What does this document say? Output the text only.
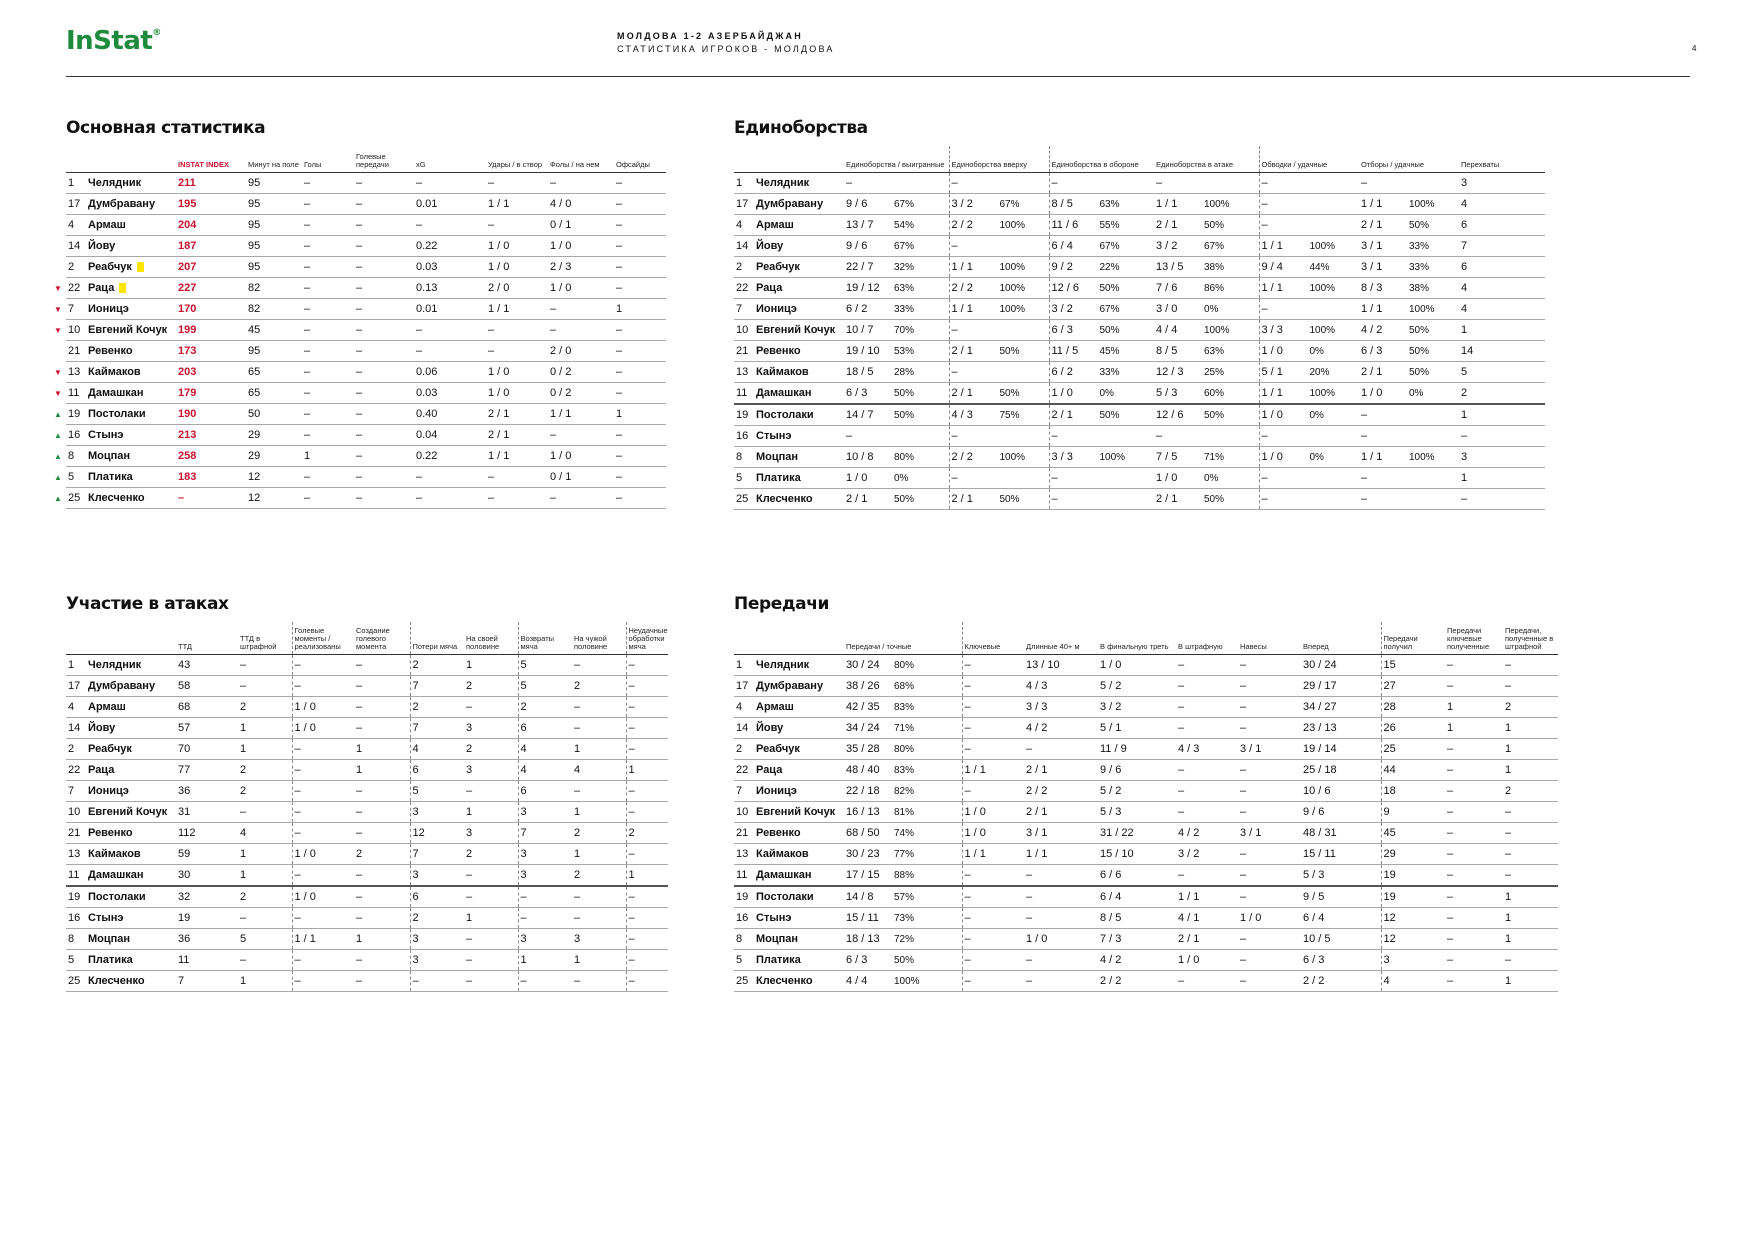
InStat®	МОЛДОВА 1-2 АЗЕРБАЙДЖАН
СТАТИСТИКА ИГРОКОВ - МОЛДОВА	4
Основная статистика
		INSTAT INDEX	Минут на поле	Голы	Голевые передачи	xG	Удары / в створ	Фолы / на нем	Офсайды
1	Челядник	211	95	–	–	–	–	–	–
17	Думбравану	195	95	–	–	0.01	1 / 1	4 / 0	–
4	Армаш	204	95	–	–	–	–	0 / 1	–
14	Йову	187	95	–	–	0.22	1 / 0	1 / 0	–
2	Реабчук	207	95	–	–	0.03	1 / 0	2 / 3	–
▼ 22	Раца	227	82	–	–	0.13	2 / 0	1 / 0	–
▼ 7	Ионицэ	170	82	–	–	0.01	1 / 1	–	1
▼ 10	Евгений Кочук	199	45	–	–	–	–	–	–
21	Ревенко	173	95	–	–	–	–	2 / 0	–
▼ 13	Каймаков	203	65	–	–	0.06	1 / 0	0 / 2	–
▼ 11	Дамашкан	179	65	–	–	0.03	1 / 0	0 / 2	–
▲ 19	Постолаки	190	50	–	–	0.40	2 / 1	1 / 1	1
▲ 16	Стынэ	213	29	–	–	0.04	2 / 1	–	–
▲ 8	Моцпан	258	29	1	–	0.22	1 / 1	1 / 0	–
▲ 5	Платика	183	12	–	–	–	–	0 / 1	–
▲ 25	Клесченко	–	12	–	–	–	–	–	–
Единоборства
		Единоборства / выигранные	Единоборства вверху	Единоборства в обороне	Единоборства в атаке	Обводки / удачные	Отборы / удачные	Перехваты
1	Челядник	–	–	–	–	–	–	3
17	Думбравану	9 / 6 67%	3 / 2 67%	8 / 5 63%	1 / 1 100%	–	1 / 1 100%	4
4	Армаш	13 / 7 54%	2 / 2 100%	11 / 6 55%	2 / 1 50%	–	2 / 1 50%	6
14	Йову	9 / 6 67%	–	6 / 4 67%	3 / 2 67%	1 / 1 100%	3 / 1 33%	7
2	Реабчук	22 / 7 32%	1 / 1 100%	9 / 2 22%	13 / 5 38%	9 / 4 44%	3 / 1 33%	6
22	Раца	19 / 12 63%	2 / 2 100%	12 / 6 50%	7 / 6 86%	1 / 1 100%	8 / 3 38%	4
7	Ионицэ	6 / 2 33%	1 / 1 100%	3 / 2 67%	3 / 0 0%	–	1 / 1 100%	4
10	Евгений Кочук	10 / 7 70%	–	6 / 3 50%	4 / 4 100%	3 / 3 100%	4 / 2 50%	1
21	Ревенко	19 / 10 53%	2 / 1 50%	11 / 5 45%	8 / 5 63%	1 / 0 0%	6 / 3 50%	14
13	Каймаков	18 / 5 28%	–	6 / 2 33%	12 / 3 25%	5 / 1 20%	2 / 1 50%	5
11	Дамашкан	6 / 3 50%	2 / 1 50%	1 / 0 0%	5 / 3 60%	1 / 1 100%	1 / 0 0%	2
19	Постолаки	14 / 7 50%	4 / 3 75%	2 / 1 50%	12 / 6 50%	1 / 0 0%	–	1
16	Стынэ	–	–	–	–	–	–	–
8	Моцпан	10 / 8 80%	2 / 2 100%	3 / 3 100%	7 / 5 71%	1 / 0 0%	1 / 1 100%	3
5	Платика	1 / 0 0%	–	–	1 / 0 0%	–	–	1
25	Клесченко	2 / 1 50%	2 / 1 50%	–	2 / 1 50%	–	–	–
Участие в атаках
		ТТД	ТТД в штрафной	Голевые моменты / реализованы	Создание голевого момента	Потери мяча	На своей половине	Возвраты мяча	На чужой половине	Неудачные обработки мяча
1	Челядник	43	–	–	–	2	1	5	–	–
17	Думбравану	58	–	–	–	7	2	5	2	–
4	Армаш	68	2	1 / 0	–	2	–	2	–	–
14	Йову	57	1	1 / 0	–	7	3	6	–	–
2	Реабчук	70	1	–	1	4	2	4	1	–
22	Раца	77	2	–	1	6	3	4	4	1
7	Ионицэ	36	2	–	–	5	–	6	–	–
10	Евгений Кочук	31	–	–	–	3	1	3	1	–
21	Ревенко	112	4	–	–	12	3	7	2	2
13	Каймаков	59	1	1 / 0	2	7	2	3	1	–
11	Дамашкан	30	1	–	–	3	–	3	2	1
19	Постолаки	32	2	1 / 0	–	6	–	–	–	–
16	Стынэ	19	–	–	–	2	1	–	–	–
8	Моцпан	36	5	1 / 1	1	3	–	3	3	–
5	Платика	11	–	–	–	3	–	1	1	–
25	Клесченко	7	1	–	–	–	–	–	–	–
Передачи
		Передачи / точные	Ключевые	Длинные 40+ м	В финальную треть	В штрафную	Навесы	Вперед	Передачи получил	Передачи ключевые полученные	Передачи, полученные в штрафной
1	Челядник	30 / 24 80%	–	13 / 10	1 / 0	–	–	30 / 24	15	–	–
17	Думбравану	38 / 26 68%	–	4 / 3	5 / 2	–	–	29 / 17	27	–	–
4	Армаш	42 / 35 83%	–	3 / 3	3 / 2	–	–	34 / 27	28	1	2
14	Йову	34 / 24 71%	–	4 / 2	5 / 1	–	–	23 / 13	26	1	1
2	Реабчук	35 / 28 80%	–	–	11 / 9	4 / 3	3 / 1	19 / 14	25	–	1
22	Раца	48 / 40 83%	1 / 1	2 / 1	9 / 6	–	–	25 / 18	44	–	1
7	Ионицэ	22 / 18 82%	–	2 / 2	5 / 2	–	–	10 / 6	18	–	2
10	Евгений Кочук	16 / 13 81%	1 / 0	2 / 1	5 / 3	–	–	9 / 6	9	–	–
21	Ревенко	68 / 50 74%	1 / 0	3 / 1	31 / 22	4 / 2	3 / 1	48 / 31	45	–	–
13	Каймаков	30 / 23 77%	1 / 1	1 / 1	15 / 10	3 / 2	–	15 / 11	29	–	–
11	Дамашкан	17 / 15 88%	–	–	6 / 6	–	–	5 / 3	19	–	–
19	Постолаки	14 / 8 57%	–	–	6 / 4	1 / 1	–	9 / 5	19	–	1
16	Стынэ	15 / 11 73%	–	–	8 / 5	4 / 1	1 / 0	6 / 4	12	–	1
8	Моцпан	18 / 13 72%	–	1 / 0	7 / 3	2 / 1	–	10 / 5	12	–	1
5	Платика	6 / 3 50%	–	–	4 / 2	1 / 0	–	6 / 3	3	–	–
25	Клесченко	4 / 4 100%	–	–	2 / 2	–	–	2 / 2	4	–	1
